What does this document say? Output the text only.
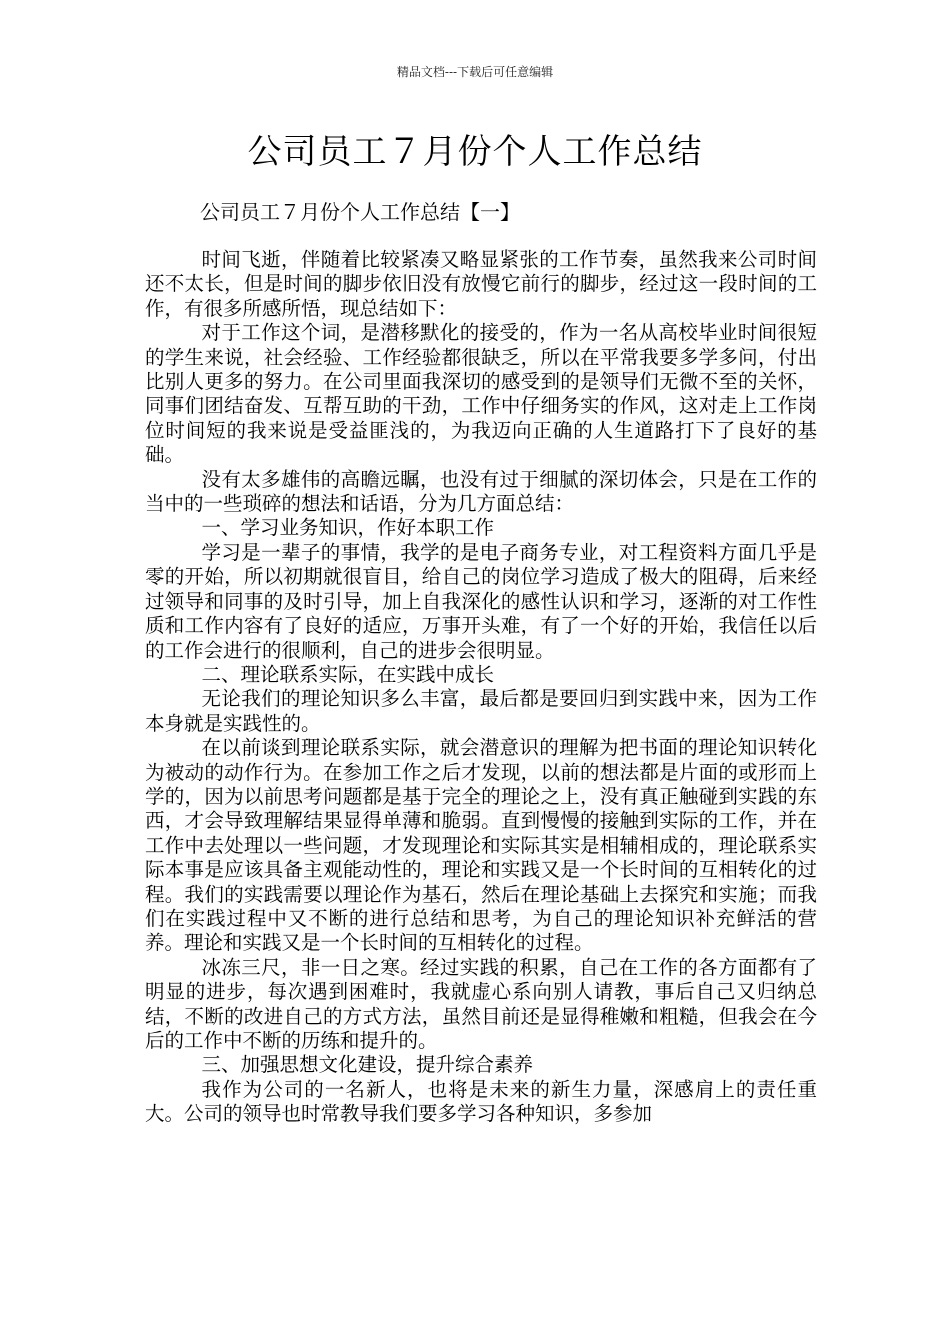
精品文档---下载后可任意编辑
公司员工７月份个人工作总结
公司员工７月份个人工作总结【一】

时间飞逝，伴随着比较紧凑又略显紧张的工作节奏，虽然我来公司时间还不太长，但是时间的脚步依旧没有放慢它前行的脚步，经过这一段时间的工作，有很多所感所悟，现总结如下：

对于工作这个词，是潜移默化的接受的，作为一名从高校毕业时间很短的学生来说，社会经验、工作经验都很缺乏，所以在平常我要多学多问，付出比别人更多的努力。在公司里面我深切的感受到的是领导们无微不至的关怀，同事们团结奋发、互帮互助的干劲，工作中仔细务实的作风，这对走上工作岗位时间短的我来说是受益匪浅的，为我迈向正确的人生道路打下了良好的基础。

没有太多雄伟的高瞻远瞩，也没有过于细腻的深切体会，只是在工作的当中的一些琐碎的想法和话语，分为几方面总结：

一、学习业务知识，作好本职工作

学习是一辈子的事情，我学的是电子商务专业，对工程资料方面几乎是零的开始，所以初期就很盲目，给自己的岗位学习造成了极大的阻碍，后来经过领导和同事的及时引导，加上自我深化的感性认识和学习，逐渐的对工作性质和工作内容有了良好的适应，万事开头难，有了一个好的开始，我信任以后的工作会进行的很顺利，自己的进步会很明显。

二、理论联系实际，在实践中成长

无论我们的理论知识多么丰富，最后都是要回归到实践中来，因为工作本身就是实践性的。

在以前谈到理论联系实际，就会潜意识的理解为把书面的理论知识转化为被动的动作行为。在参加工作之后才发现，以前的想法都是片面的或形而上学的，因为以前思考问题都是基于完全的理论之上，没有真正触碰到实践的东西，才会导致理解结果显得单薄和脆弱。直到慢慢的接触到实际的工作，并在工作中去处理以一些问题，才发现理论和实际其实是相辅相成的，理论联系实际本事是应该具备主观能动性的，理论和实践又是一个长时间的互相转化的过程。我们的实践需要以理论作为基石，然后在理论基础上去探究和实施；而我们在实践过程中又不断的进行总结和思考，为自己的理论知识补充鲜活的营养。理论和实践又是一个长时间的互相转化的过程。

冰冻三尺，非一日之寒。经过实践的积累，自己在工作的各方面都有了明显的进步，每次遇到困难时，我就虚心系向别人请教，事后自己又归纳总结，不断的改进自己的方式方法，虽然目前还是显得稚嫩和粗糙，但我会在今后的工作中不断的历练和提升的。

三、加强思想文化建设，提升综合素养

我作为公司的一名新人，也将是未来的新生力量，深感肩上的责任重大。公司的领导也时常教导我们要多学习各种知识，多参加
